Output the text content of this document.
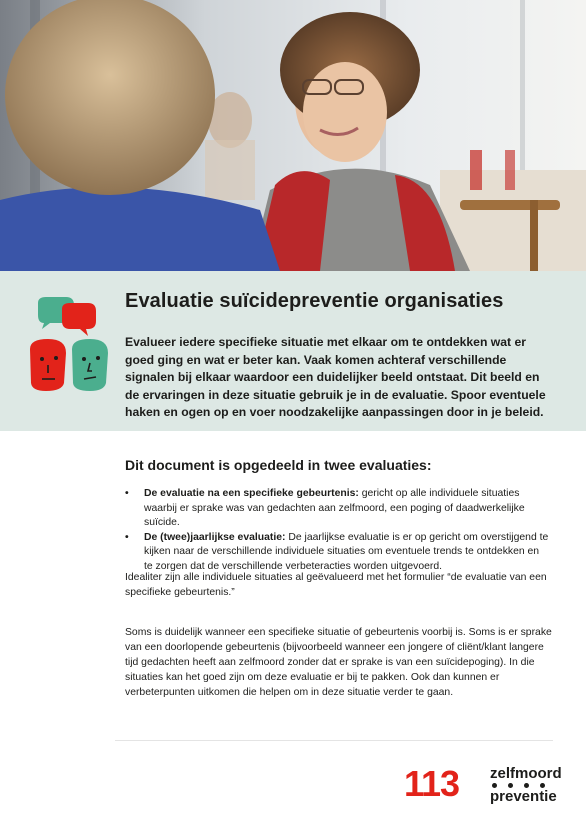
Evaluatie suïcidepreventie organisaties

Evalueer iedere specifieke situatie met elkaar om te ontdekken wat er goed ging en wat er beter kan. Vaak komen achteraf verschillende signalen bij elkaar waardoor een duidelijker beeld ontstaat. Dit beeld en de ervaringen in deze situatie gebruik je in de evaluatie. Spoor eventuele haken en ogen op en voer noodzakelijke aanpassingen door in je beleid.

Dit document is opgedeeld in twee evaluaties:
• De evaluatie na een specifieke gebeurtenis: gericht op alle individuele situaties waarbij er sprake was van gedachten aan zelfmoord, een poging of daadwerkelijke suïcide.
• De (twee)jaarlijkse evaluatie: De jaarlijkse evaluatie is er op gericht om overstijgend te kijken naar de verschillende individuele situaties om eventuele trends te ontdekken en te zorgen dat de verschillende verbeteracties worden uitgevoerd.

Idealiter zijn alle individuele situaties al geëvalueerd met het formulier “de evaluatie van een specifieke gebeurtenis.”

Soms is duidelijk wanneer een specifieke situatie of gebeurtenis voorbij is. Soms is er sprake van een doorlopende gebeurtenis (bijvoorbeeld wanneer een jongere of cliënt/klant langere tijd gedachten heeft aan zelfmoord zonder dat er sprake is van een suïcidepoging). In die situaties kan het goed zijn om deze evaluatie er bij te pakken. Ook dan kunnen er verbeterpunten uitkomen die helpen om in deze situatie verder te gaan.

113 zelfmoord
preventie
